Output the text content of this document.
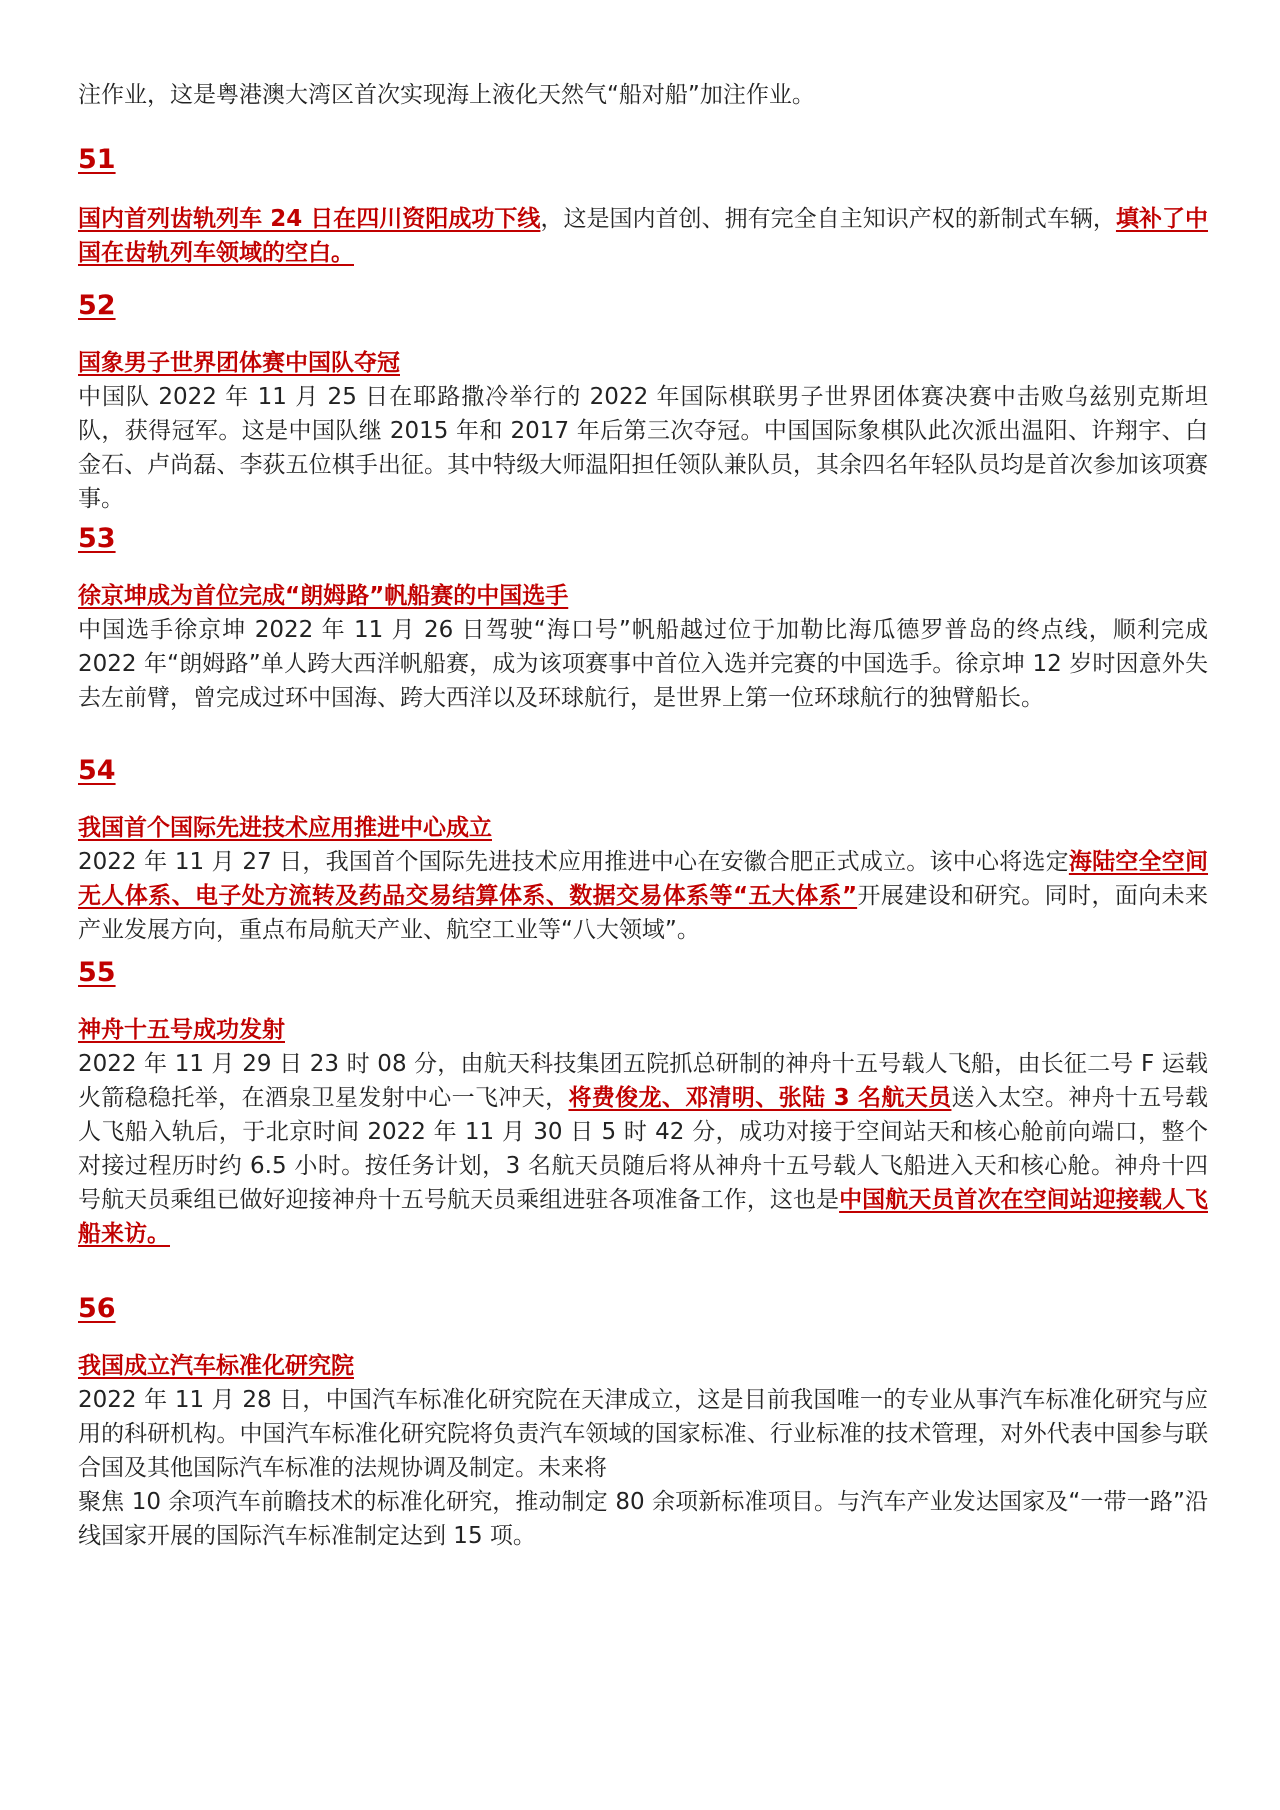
注作业，这是粤港澳大湾区首次实现海上液化天然气“船对船”加注作业。
51
国内首列齿轨列车 24 日在四川资阳成功下线，这是国内首创、拥有完全自主知识产权的新制式车辆，填补了中国在齿轨列车领域的空白。
52
国象男子世界团体赛中国队夺冠
中国队 2022 年 11 月 25 日在耶路撒冷举行的 2022 年国际棋联男子世界团体赛决赛中击败乌兹别克斯坦队，获得冠军。这是中国队继 2015 年和 2017 年后第三次夺冠。中国国际象棋队此次派出温阳、许翔宇、白金石、卢尚磊、李荻五位棋手出征。其中特级大师温阳担任领队兼队员，其余四名年轻队员均是首次参加该项赛事。
53
徐京坤成为首位完成“朗姆路”帆船赛的中国选手
中国选手徐京坤 2022 年 11 月 26 日驾驶“海口号”帆船越过位于加勒比海瓜德罗普岛的终点线，顺利完成 2022 年“朗姆路”单人跨大西洋帆船赛，成为该项赛事中首位入选并完赛的中国选手。徐京坤 12 岁时因意外失去左前臂，曾完成过环中国海、跨大西洋以及环球航行，是世界上第一位环球航行的独臂船长。
54
我国首个国际先进技术应用推进中心成立
2022 年 11 月 27 日，我国首个国际先进技术应用推进中心在安徽合肥正式成立。该中心将选定海陆空全空间无人体系、电子处方流转及药品交易结算体系、数据交易体系等“五大体系”开展建设和研究。同时，面向未来产业发展方向，重点布局航天产业、航空工业等“八大领域”。
55
神舟十五号成功发射
2022 年 11 月 29 日 23 时 08 分，由航天科技集团五院抓总研制的神舟十五号载人飞船，由长征二号 F 运载火箭稳稳托举，在酒泉卫星发射中心一飞冲天，将费俊龙、邓清明、张陆 3 名航天员送入太空。神舟十五号载人飞船入轨后，于北京时间 2022 年 11 月 30 日 5 时 42 分，成功对接于空间站天和核心舱前向端口，整个对接过程历时约 6.5 小时。按任务计划，3 名航天员随后将从神舟十五号载人飞船进入天和核心舱。神舟十四号航天员乘组已做好迎接神舟十五号航天员乘组进驻各项准备工作，这也是中国航天员首次在空间站迎接载人飞船来访。
56
我国成立汽车标准化研究院
2022 年 11 月 28 日，中国汽车标准化研究院在天津成立，这是目前我国唯一的专业从事汽车标准化研究与应用的科研机构。中国汽车标准化研究院将负责汽车领域的国家标准、行业标准的技术管理，对外代表中国参与联合国及其他国际汽车标准的法规协调及制定。未来将
聚焦 10 余项汽车前瞻技术的标准化研究，推动制定 80 余项新标准项目。与汽车产业发达国家及“一带一路”沿线国家开展的国际汽车标准制定达到 15 项。
